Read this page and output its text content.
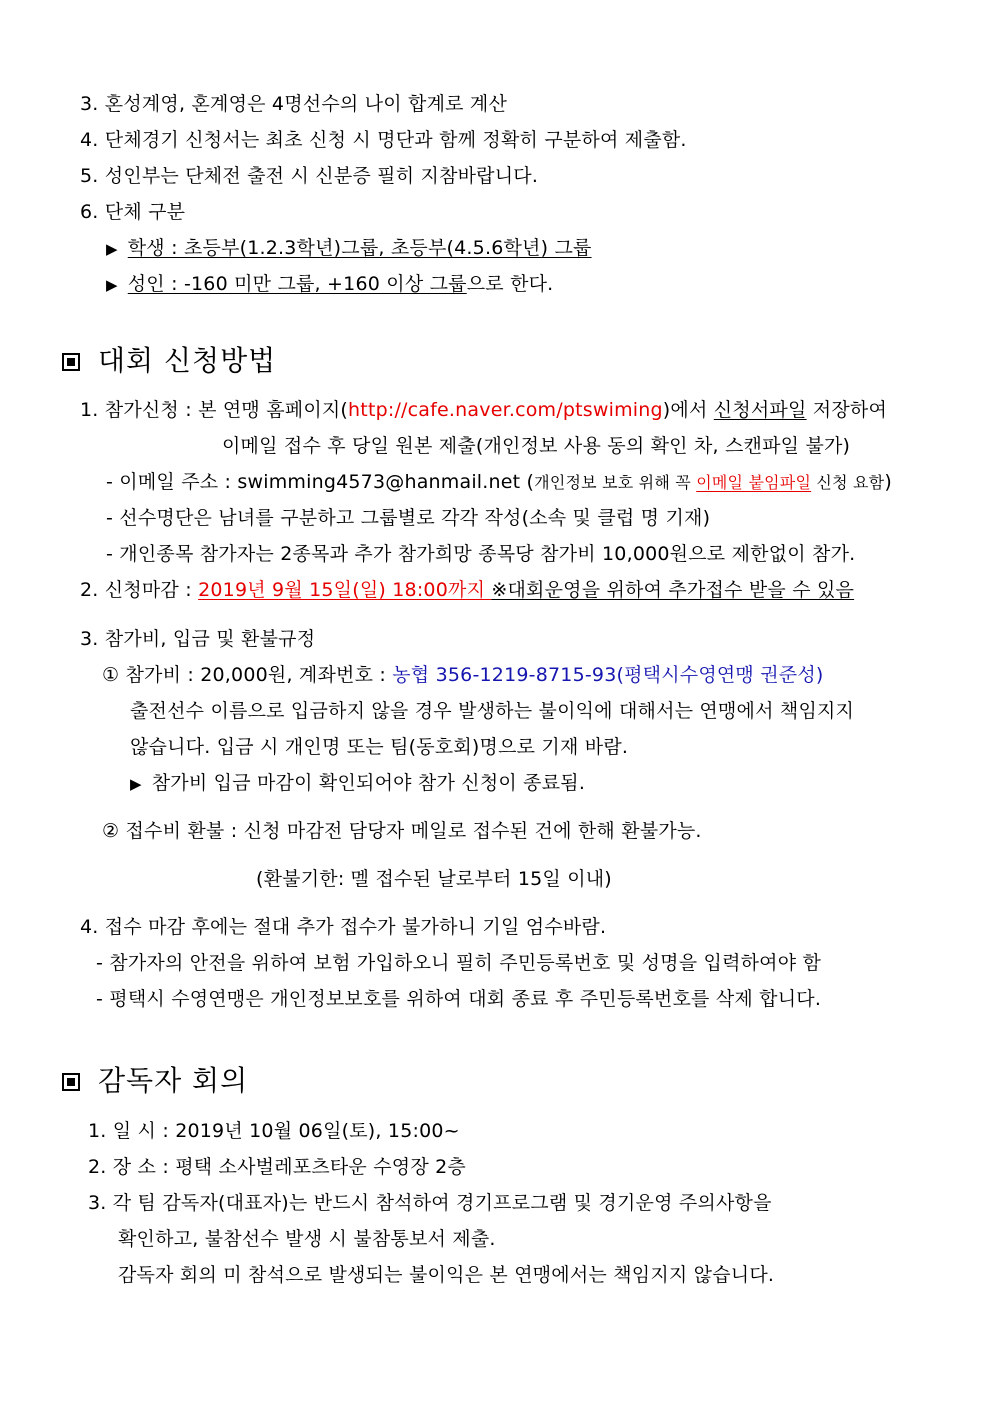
3. 혼성계영, 혼계영은 4명선수의 나이 합계로 계산
4. 단체경기 신청서는 최초 신청 시 명단과 함께 정확히 구분하여 제출함.
5. 성인부는 단체전 출전 시 신분증 필히 지참바랍니다.
6. 단체 구분
▶ 학생 : 초등부(1.2.3학년)그룹, 초등부(4.5.6학년) 그룹
▶ 성인 : -160 미만 그룹, +160 이상 그룹으로 한다.
대회 신청방법
1. 참가신청 : 본 연맹 홈페이지(http://cafe.naver.com/ptswiming)에서 신청서파일 저장하여
이메일 접수 후 당일 원본 제출(개인정보 사용 동의 확인 차, 스캔파일 불가)
- 이메일 주소 : swimming4573@hanmail.net (개인정보 보호 위해 꼭 이메일 붙임파일 신청 요함)
- 선수명단은 남녀를 구분하고 그룹별로 각각 작성(소속 및 클럽 명 기재)
- 개인종목 참가자는 2종목과 추가 참가희망 종목당 참가비 10,000원으로 제한없이 참가.
2. 신청마감 : 2019년 9월 15일(일) 18:00까지 ※대회운영을 위하여 추가접수 받을 수 있음
3. 참가비, 입금 및 환불규정
① 참가비 : 20,000원, 계좌번호 : 농협 356-1219-8715-93(평택시수영연맹 권준성)
출전선수 이름으로 입금하지 않을 경우 발생하는 불이익에 대해서는 연맹에서 책임지지
않습니다. 입금 시 개인명 또는 팀(동호회)명으로 기재 바람.
▶ 참가비 입금 마감이 확인되어야 참가 신청이 종료됨.
② 접수비 환불 : 신청 마감전 담당자 메일로 접수된 건에 한해 환불가능.
(환불기한: 멜 접수된 날로부터 15일 이내)
4. 접수 마감 후에는 절대 추가 접수가 불가하니 기일 엄수바람.
- 참가자의 안전을 위하여 보험 가입하오니 필히 주민등록번호 및 성명을 입력하여야 함
- 평택시 수영연맹은 개인정보보호를 위하여 대회 종료 후 주민등록번호를 삭제 합니다.
감독자 회의
1. 일 시 : 2019년 10월 06일(토), 15:00~
2. 장 소 : 평택 소사벌레포츠타운 수영장 2층
3. 각 팀 감독자(대표자)는 반드시 참석하여 경기프로그램 및 경기운영 주의사항을
확인하고, 불참선수 발생 시 불참통보서 제출.
감독자 회의 미 참석으로 발생되는 불이익은 본 연맹에서는 책임지지 않습니다.
